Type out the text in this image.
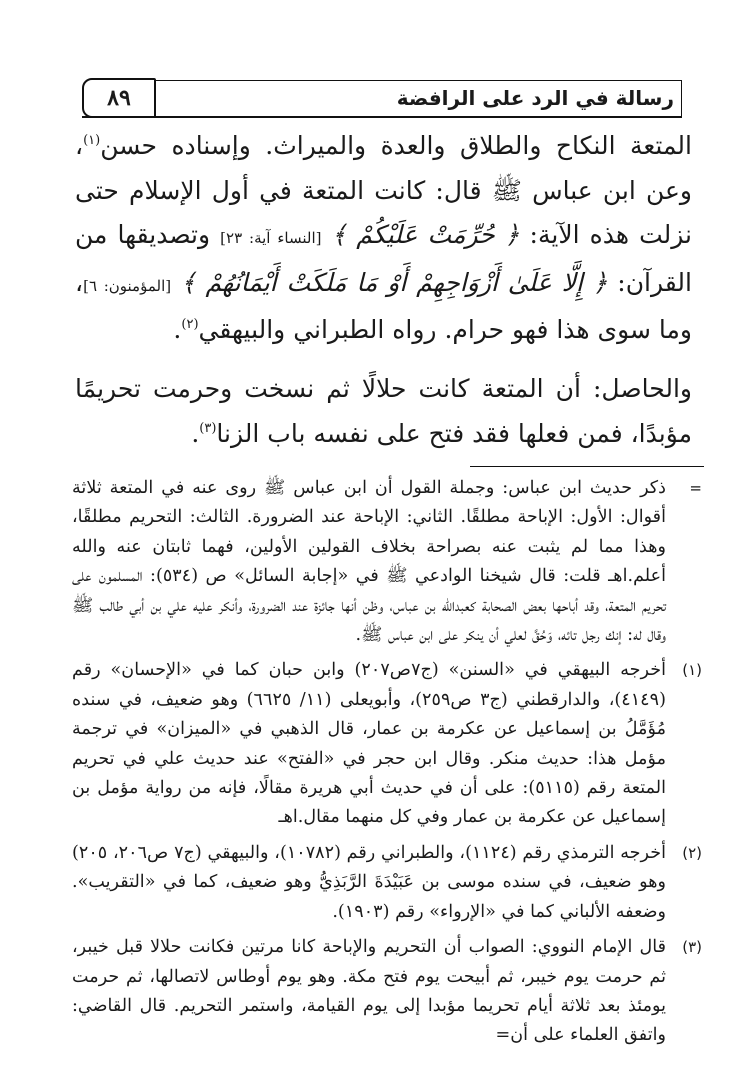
٨٩	رسالة في الرد على الرافضة

المتعة النكاح والطلاق والعدة والميراث. وإسناده حسن$^{(١)}$، وعن ابن عباس ﷺ قال: كانت المتعة في أول الإسلام حتى نزلت هذه الآية: ﴿ حُرِّمَتْ عَلَيْكُمْ ﴾ [النساء آية: ٢٣] وتصديقها من القرآن: ﴿ إِلَّا عَلَىٰ أَزْوَاجِهِمْ أَوْ مَا مَلَكَتْ أَيْمَانُهُمْ ﴾ [المؤمنون: ٦]، وما سوى هذا فهو حرام. رواه الطبراني والبيهقي$^{(٢)}$.

والحاصل: أن المتعة كانت حلالًا ثم نسخت وحرمت تحريمًا مؤبدًا، فمن فعلها فقد فتح على نفسه باب الزنا$^{(٣)}$.

=

ذكر حديث ابن عباس: وجملة القول أن ابن عباس ﷺ روى عنه في المتعة ثلاثة أقوال: الأول: الإباحة مطلقًا. الثاني: الإباحة عند الضرورة. الثالث: التحريم مطلقًا، وهذا مما لم يثبت عنه بصراحة بخلاف القولين الأولين، فهما ثابتان عنه والله أعلم.اهـ قلت: قال شيخنا الوادعي ﷺ في «إجابة السائل» ص (٥٣٤): المسلمون على تحريم المتعة، وقد أباحها بعض الصحابة كعبدالله بن عباس، وظن أنها جائزة عند الضرورة، وأنكر عليه علي بن أبي طالب ﷺ وقال له: إنك رجل تائه، وَحُقَّ لعلي أن ينكر على ابن عباس ﷺ.

(١)

أخرجه البيهقي في «السنن» (ج٧ص٢٠٧) وابن حبان كما في «الإحسان» رقم (٤١٤٩)، والدارقطني (ج٣ ص٢٥٩)، وأبويعلى (١١/ ٦٦٢٥) وهو ضعيف، في سنده مُؤَمَّلُ بن إسماعيل عن عكرمة بن عمار، قال الذهبي في «الميزان» في ترجمة مؤمل هذا: حديث منكر. وقال ابن حجر في «الفتح» عند حديث علي في تحريم المتعة رقم (٥١١٥): على أن في حديث أبي هريرة مقالًا، فإنه من رواية مؤمل بن إسماعيل عن عكرمة بن عمار وفي كل منهما مقال.اهـ

(٢)

أخرجه الترمذي رقم (١١٢٤)، والطبراني رقم (١٠٧٨٢)، والبيهقي (ج٧ ص٢٠٦، ٢٠٥) وهو ضعيف، في سنده موسى بن عَبَيْدَةَ الرَّبَذِيُّ وهو ضعيف، كما في «التقريب». وضعفه الألباني كما في «الإرواء» رقم (١٩٠٣).

(٣)

قال الإمام النووي: الصواب أن التحريم والإباحة كانا مرتين فكانت حلالا قبل خيبر، ثم حرمت يوم خيبر، ثم أبيحت يوم فتح مكة. وهو يوم أوطاس لاتصالها، ثم حرمت يومئذ بعد ثلاثة أيام تحريما مؤبدا إلى يوم القيامة، واستمر التحريم. قال القاضي: واتفق العلماء على أن=
